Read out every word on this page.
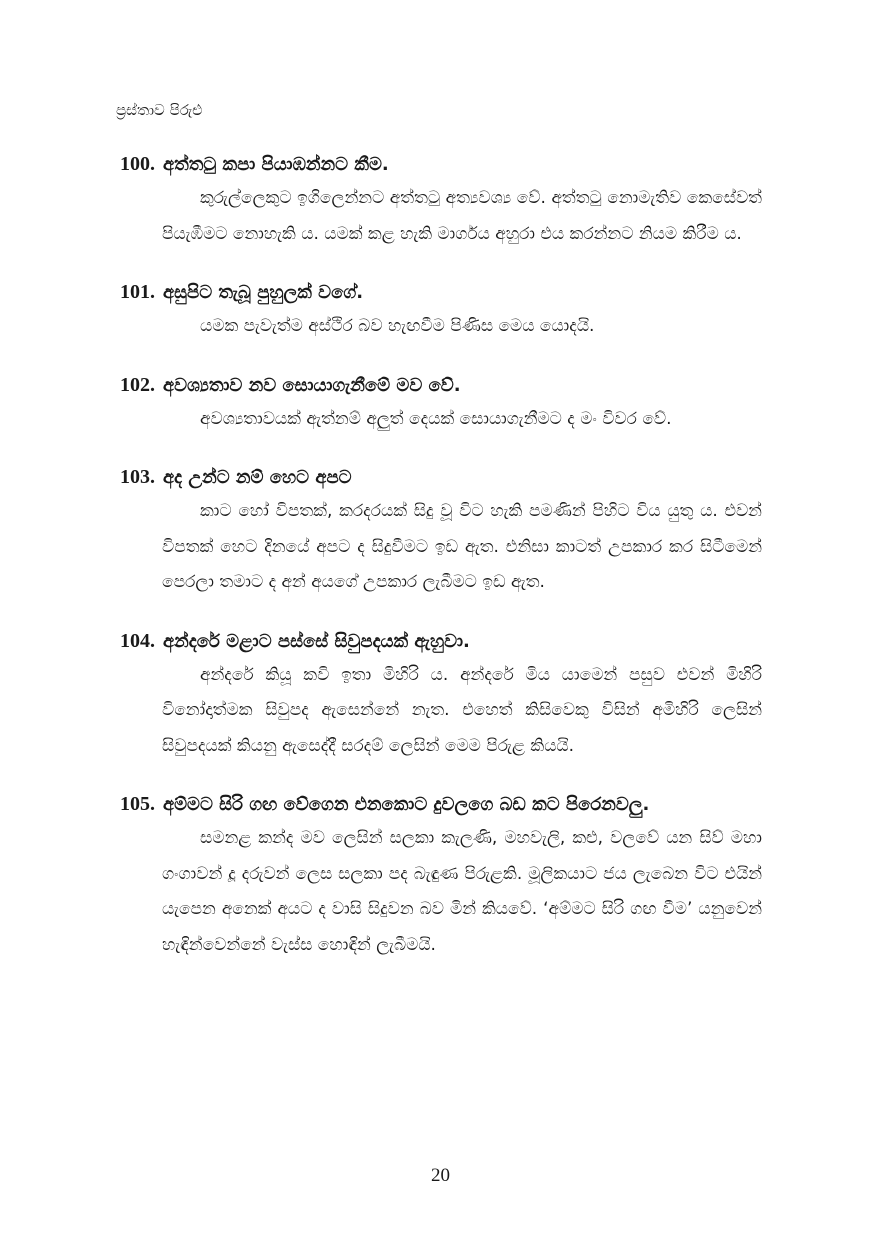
ප්‍රස්තාව පිරුළු
100. අත්තටු කපා පියාඹන්නට කීම.
කුරුල්ලෙකුට ඉගිලෙන්නට අත්තටු අත්‍යවශ්‍ය වේ. අත්තටු නොමැතිව කෙසේවත් පියැඹීමට නොහැකි ය. යමක් කළ හැකි මාර්ගය අහුරා එය කරන්නට නියම කිරීම ය.
101. අසුපිට තැබූ පුහුලක් වගේ.
යමක පැවැත්ම අස්ථිර බව හැඟවීම පිණිස මෙය යොදයි.
102. අවශ්‍යතාව නව සොයාගැනීමේ මව වේ.
අවශ්‍යතාවයක් ඇත්නම් අලුත් දෙයක් සොයාගැනීමට ද මං විවර වේ.
103. අද උන්ට නම් හෙට අපට
කාට හෝ විපතක්, කරදරයක් සිදු වූ විට හැකි පමණින් පිහිට විය යුතු ය. එවන් විපතක් හෙට දිනයේ අපට ද සිදුවීමට ඉඩ ඇත. එනිසා කාටත් උපකාර කර සිටීමෙන් පෙරලා තමාට ද අන් අයගේ උපකාර ලැබීමට ඉඩ ඇත.
104. අන්දරේ මළාට පස්සේ සිවුපදයක් ඇහුවා.
අන්දරේ කියූ කවි ඉතා මිහිරි ය. අන්දරේ මිය යාමෙන් පසුව එවන් මිහිරි විනෝදාත්මක සිවුපද ඇසෙන්නේ නැත. එහෙත් කිසිවෙකු විසින් අමිහිරි ලෙසින් සිවුපදයක් කියනු ඇසෙද්දී සරදම් ලෙසින් මෙම පිරුළ කියයි.
105. අම්මට සිරි ගඟ වේගෙන එනකොට දුවලගෙ බඩ කට පිරෙනවලු.
සමනළ කන්ද මව ලෙසින් සලකා කැලණි, මහවැලි, කළු, වලවේ යන සිව් මහා ගංගාවන් දූ දරුවන් ලෙස සලකා පද බැඳුණ පිරුළකි. මූලිකයාට ජය ලැබෙන විට එයින් යැපෙන අනෙක් අයට ද වාසි සිදුවන බව මින් කියවේ. ‘අම්මට සිරි ගඟ වීම’ යනුවෙන් හැඳින්වෙන්නේ වැස්ස හොඳින් ලැබීමයි.
20
